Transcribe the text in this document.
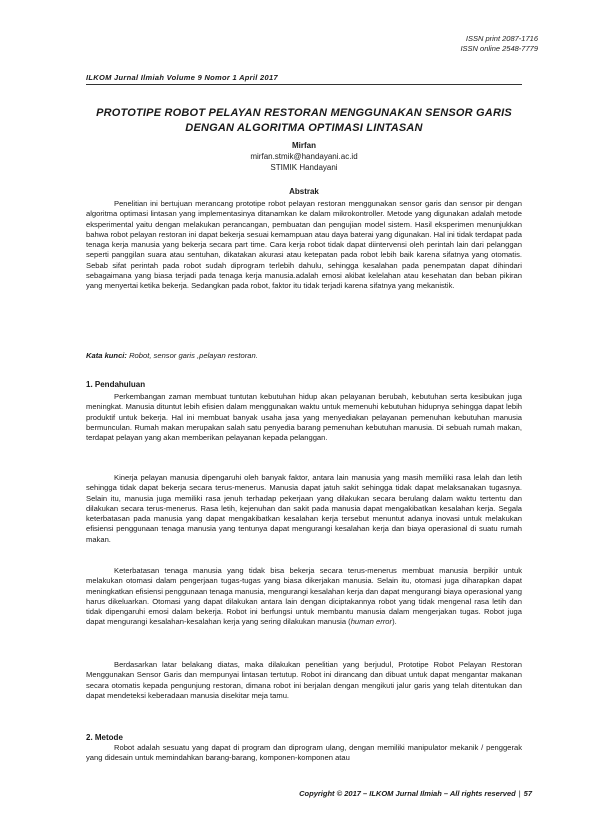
ISSN print 2087-1716
ISSN online 2548-7779
ILKOM Jurnal Ilmiah Volume 9 Nomor 1 April 2017
PROTOTIPE ROBOT PELAYAN RESTORAN MENGGUNAKAN SENSOR GARIS DENGAN ALGORITMA OPTIMASI LINTASAN
Mirfan
mirfan.stmik@handayani.ac.id
STIMIK Handayani
Abstrak
Penelitian ini bertujuan merancang prototipe robot pelayan restoran menggunakan sensor garis dan sensor pir dengan algoritma optimasi lintasan yang implementasinya ditanamkan ke dalam mikrokontroller. Metode yang digunakan adalah metode eksperimental yaitu dengan melakukan perancangan, pembuatan dan pengujian model sistem. Hasil eksperimen menunjukkan bahwa robot pelayan restoran ini dapat bekerja sesuai kemampuan atau daya baterai yang digunakan. Hal ini tidak terdapat pada tenaga kerja manusia yang bekerja secara part time. Cara kerja robot tidak dapat diintervensi oleh perintah lain dari pelanggan seperti panggilan suara atau sentuhan, dikatakan akurasi atau ketepatan pada robot lebih baik karena sifatnya yang otomatis. Sebab sifat perintah pada robot sudah diprogram terlebih dahulu, sehingga kesalahan pada penempatan dapat dihindari sebagaimana yang biasa terjadi pada tenaga kerja manusia.adalah emosi akibat kelelahan atau kesehatan dan beban pikiran yang menyertai ketika bekerja. Sedangkan pada robot, faktor itu tidak terjadi karena sifatnya yang mekanistik.
Kata kunci: Robot, sensor garis ,pelayan restoran.
1. Pendahuluan
Perkembangan zaman membuat tuntutan kebutuhan hidup akan pelayanan berubah, kebutuhan serta kesibukan juga meningkat. Manusia dituntut lebih efisien dalam menggunakan waktu untuk memenuhi kebutuhan hidupnya sehingga dapat lebih produktif untuk bekerja. Hal ini membuat banyak usaha jasa yang menyediakan pelayanan pemenuhan kebutuhan manusia bermunculan. Rumah makan merupakan salah satu penyedia barang pemenuhan kebutuhan manusia. Di sebuah rumah makan, terdapat pelayan yang akan memberikan pelayanan kepada pelanggan.
Kinerja pelayan manusia dipengaruhi oleh banyak faktor, antara lain manusia yang masih memiliki rasa lelah dan letih sehingga tidak dapat bekerja secara terus-menerus. Manusia dapat jatuh sakit sehingga tidak dapat melaksanakan tugasnya. Selain itu, manusia juga memiliki rasa jenuh terhadap pekerjaan yang dilakukan secara berulang dalam waktu tertentu dan dilakukan secara terus-menerus. Rasa letih, kejenuhan dan sakit pada manusia dapat mengakibatkan kesalahan kerja. Segala keterbatasan pada manusia yang dapat mengakibatkan kesalahan kerja tersebut menuntut adanya inovasi untuk melakukan efisiensi penggunaan tenaga manusia yang tentunya dapat mengurangi kesalahan kerja dan biaya operasional di suatu rumah makan.
Keterbatasan tenaga manusia yang tidak bisa bekerja secara terus-menerus membuat manusia berpikir untuk melakukan otomasi dalam pengerjaan tugas-tugas yang biasa dikerjakan manusia. Selain itu, otomasi juga diharapkan dapat meningkatkan efisiensi penggunaan tenaga manusia, mengurangi kesalahan kerja dan dapat mengurangi biaya operasional yang harus dikeluarkan. Otomasi yang dapat dilakukan antara lain dengan diciptakannya robot yang tidak mengenal rasa letih dan tidak dipengaruhi emosi dalam bekerja. Robot ini berfungsi untuk membantu manusia dalam mengerjakan tugas. Robot juga dapat mengurangi kesalahan-kesalahan kerja yang sering dilakukan manusia (human error).
Berdasarkan latar belakang diatas, maka dilakukan penelitian yang berjudul, Prototipe Robot Pelayan Restoran Menggunakan Sensor Garis dan mempunyai lintasan tertutup. Robot ini dirancang dan dibuat untuk dapat mengantar makanan secara otomatis kepada pengunjung restoran, dimana robot ini berjalan dengan mengikuti jalur garis yang telah ditentukan dan dapat mendeteksi keberadaan manusia disekitar meja tamu.
2. Metode
Robot adalah sesuatu yang dapat di program dan diprogram ulang, dengan memiliki manipulator mekanik / penggerak yang didesain untuk memindahkan barang-barang, komponen-komponen atau
Copyright © 2017 – ILKOM Jurnal Ilmiah – All rights reserved | 57
